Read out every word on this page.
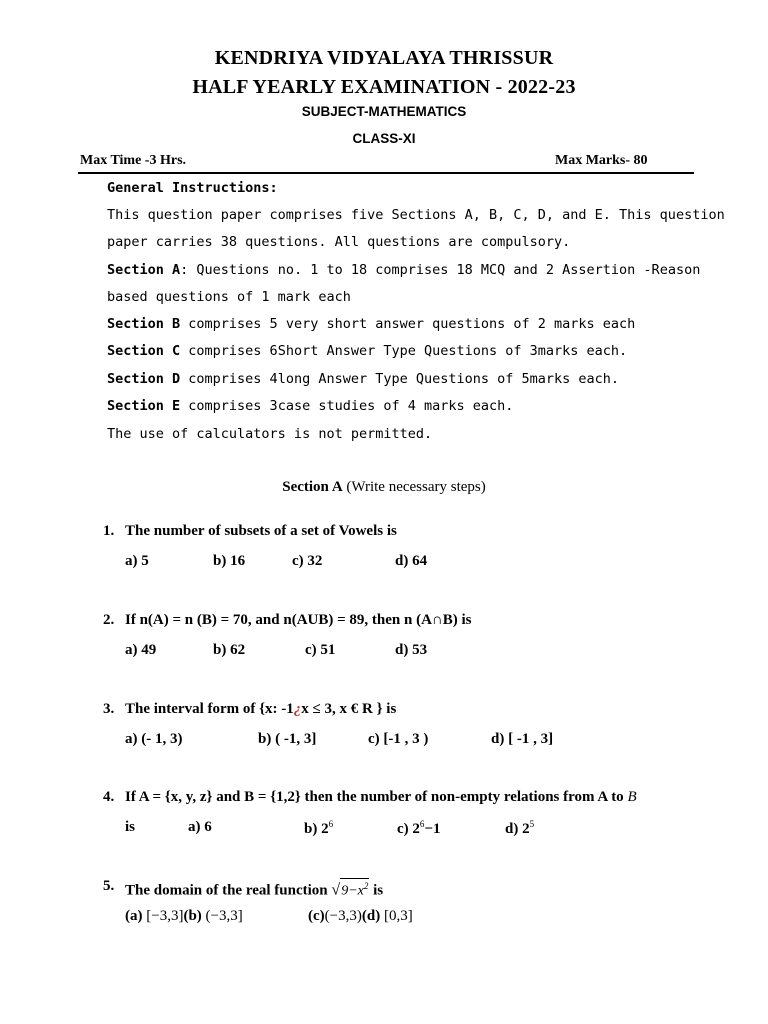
KENDRIYA VIDYALAYA THRISSUR
HALF YEARLY EXAMINATION - 2022-23
SUBJECT-MATHEMATICS
CLASS-XI
Max Time -3 Hrs.	Max Marks- 80
General Instructions:
This question paper comprises five Sections A, B, C, D, and E. This question
paper carries 38 questions. All questions are compulsory.
Section A: Questions no. 1 to 18 comprises 18 MCQ and 2 Assertion -Reason
based questions of 1 mark each
Section B comprises 5 very short answer questions of 2 marks each
Section C comprises 6Short Answer Type Questions of 3marks each.
Section D comprises 4long Answer Type Questions of 5marks each.
Section E comprises 3case studies of 4 marks each.
The use of calculators is not permitted.
Section A (Write necessary steps)
1. The number of subsets of a set of Vowels is
a) 5	b) 16	c) 32	d) 64
2. If n(A) = n (B) = 70, and n(AUB) = 89, then n (A∩B) is
a) 49	b) 62	c) 51	d) 53
3. The interval form of {x: -1¿x ≤ 3, x € R } is
a) (- 1, 3)	b) ( -1, 3]	c) [-1 , 3 )	d) [ -1 , 3]
4. If A = {x, y, z} and B = {1,2} then the number of non-empty relations from A to B
is	a) 6	b) $2^6$	c) $2^6-1$	d) $2^5$
5. The domain of the real function $√9-x^2$ is
(a) [−3,3](b) (−3,3]	(c)(−3,3)(d) [0,3]
